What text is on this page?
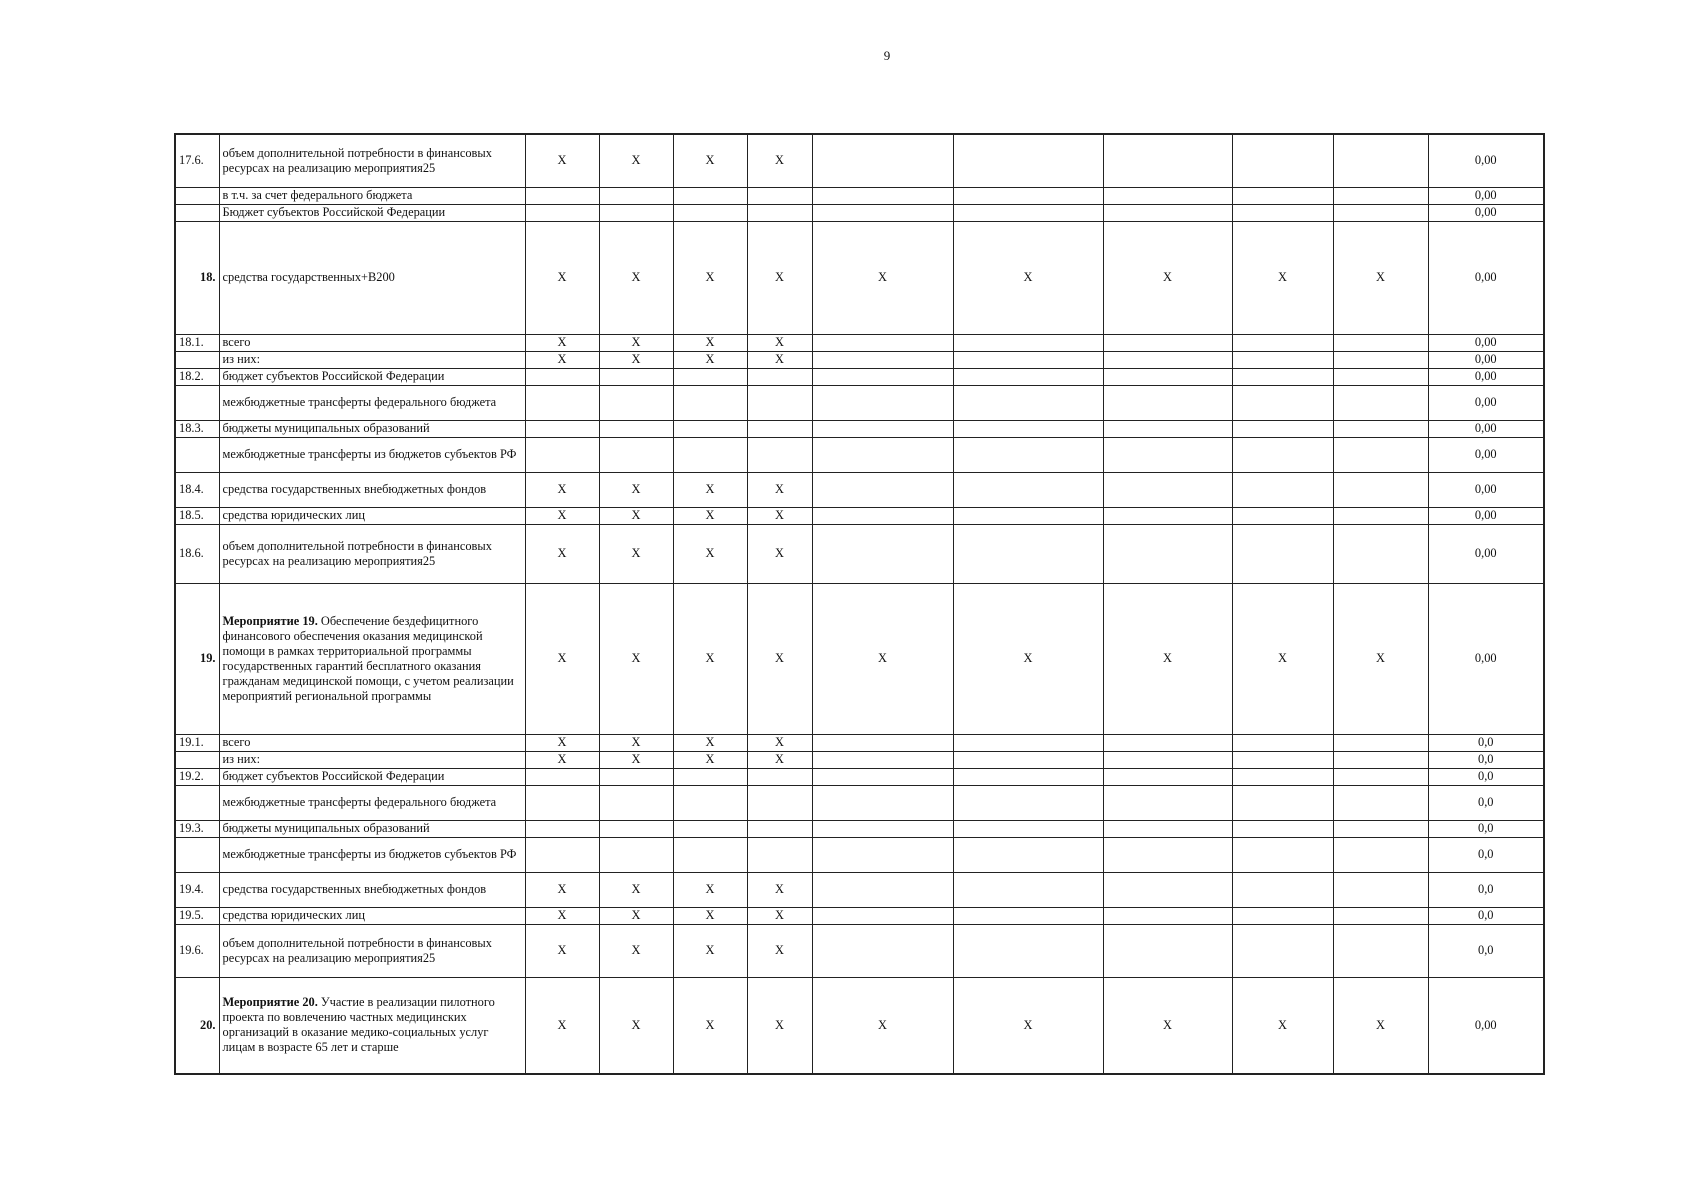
9
17.6.	объем дополнительной потребности в финансовых ресурсах на реализацию мероприятия25	X	X	X	X						0,00
	в т.ч. за счет федерального бюджета										0,00
	Бюджет субъектов Российской Федерации										0,00
18.	средства государственных+B200	X	X	X	X	X	X	X	X	X	0,00
18.1.	всего	X	X	X	X						0,00
	из них:	X	X	X	X						0,00
18.2.	бюджет субъектов Российской Федерации										0,00
	межбюджетные трансферты федерального бюджета										0,00
18.3.	бюджеты муниципальных образований										0,00
	межбюджетные трансферты из бюджетов субъектов РФ										0,00
18.4.	средства государственных внебюджетных фондов	X	X	X	X						0,00
18.5.	средства юридических лиц	X	X	X	X						0,00
18.6.	объем дополнительной потребности в финансовых ресурсах на реализацию мероприятия25	X	X	X	X						0,00
19.	Мероприятие 19. Обеспечение бездефицитного финансового обеспечения оказания медицинской помощи в рамках территориальной программы государственных гарантий бесплатного оказания гражданам медицинской помощи, с учетом реализации мероприятий региональной программы	X	X	X	X	X	X	X	X	X	0,00
19.1.	всего	X	X	X	X						0,0
	из них:	X	X	X	X						0,0
19.2.	бюджет субъектов Российской Федерации										0,0
	межбюджетные трансферты федерального бюджета										0,0
19.3.	бюджеты муниципальных образований										0,0
	межбюджетные трансферты из бюджетов субъектов РФ										0,0
19.4.	средства государственных внебюджетных фондов	X	X	X	X						0,0
19.5.	средства юридических лиц	X	X	X	X						0,0
19.6.	объем дополнительной потребности в финансовых ресурсах на реализацию мероприятия25	X	X	X	X						0,0
20.	Мероприятие 20. Участие в реализации пилотного проекта по вовлечению частных медицинских организаций в оказание медико-социальных услуг лицам в возрасте 65 лет и старше	X	X	X	X	X	X	X	X	X	0,00
